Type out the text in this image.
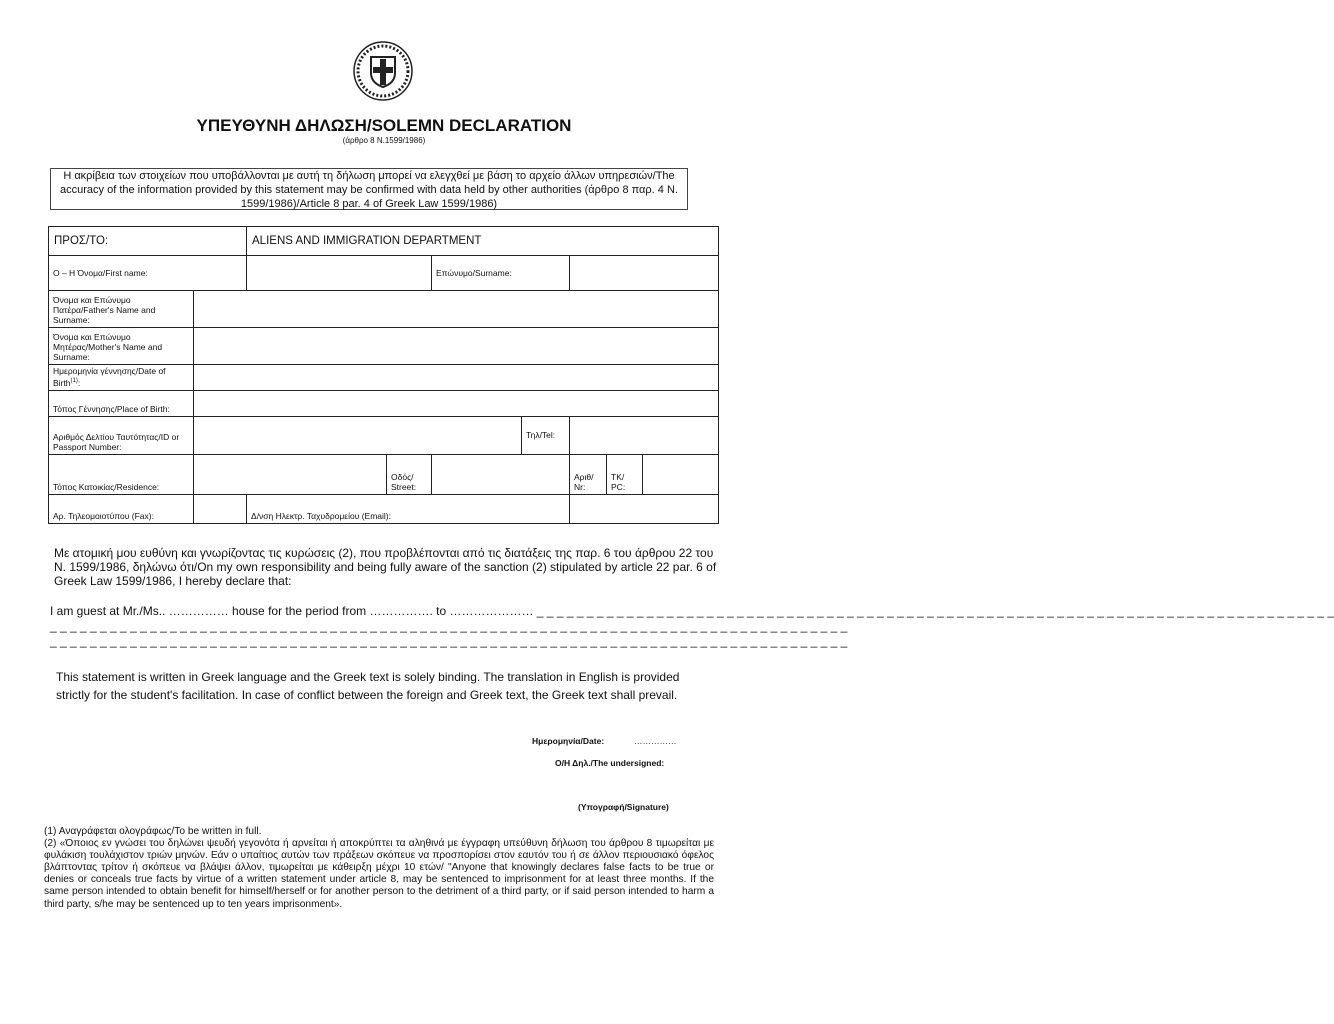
ΥΠΕΥΘΥΝΗ ΔΗΛΩΣΗ/SOLEMN DECLARATION
(άρθρο 8 Ν.1599/1986)
Η ακρίβεια των στοιχείων που υποβάλλονται με αυτή τη δήλωση μπορεί να ελεγχθεί με βάση το αρχείο άλλων υπηρεσιών/The accuracy of the information provided by this statement may be confirmed with data held by other authorities (άρθρο 8 παρ. 4 Ν. 1599/1986)/Article 8 par. 4 of Greek Law 1599/1986)
ΠΡΟΣ/TO:		ALIENS AND IMMIGRATION DEPARTMENT						
Ο – Η Όνομα/First name:				Επώνυμο/Surname:				
Όνομα και Επώνυμο Πατέρα/Father's Name and Surname:								
Όνομα και Επώνυμο Μητέρας/Mother's Name and Surname:								
Ημερομηνία γέννησης/Date of Birth$^{(1)}$:								
Τόπος Γέννησης/Place of Birth:								
Αριθμός Δελτίου Ταυτότητας/ID or Passport Number:					Τηλ/Tel:			
Τόπος Κατοικίας/Residence:			Οδός/ Street:			Αριθ/ Nr:	TK/ PC:	
Αρ. Τηλεομοιοτύπου (Fax):		Δ/νση Ηλεκτρ. Ταχυδρομείου (Email):						
Με ατομική μου ευθύνη και γνωρίζοντας τις κυρώσεις (2), που προβλέπονται από τις διατάξεις της παρ. 6 του άρθρου 22 του Ν. 1599/1986, δηλώνω ότι/On my own responsibility and being fully aware of the sanction (2) stipulated by article 22 par. 6 of Greek Law 1599/1986, I hereby declare that:
I am guest at Mr./Ms.. …………… house for the period from ……………. to ………………… _ _ _ _ _ _ _ _ _ _ _ _ _ _ _ _ _ _ _ _ _ _ _ _ _ _ _ _ _ _ _ _ _ _ _ _ _ _ _ _ _ _ _ _ _ _ _ _ _ _ _ _ _ _ _ _ _ _ _ _ _ _ _ _ _ _ _ _ _ _ _ _ _ _ _ _ _ _ _ _
_ _ _ _ _ _ _ _ _ _ _ _ _ _ _ _ _ _ _ _ _ _ _ _ _ _ _ _ _ _ _ _ _ _ _ _ _ _ _ _ _ _ _ _ _ _ _ _ _ _ _ _ _ _ _ _ _ _ _ _ _ _ _ _ _ _ _ _ _ _ _ _ _ _ _ _ _ _ _ _
_ _ _ _ _ _ _ _ _ _ _ _ _ _ _ _ _ _ _ _ _ _ _ _ _ _ _ _ _ _ _ _ _ _ _ _ _ _ _ _ _ _ _ _ _ _ _ _ _ _ _ _ _ _ _ _ _ _ _ _ _ _ _ _ _ _ _ _ _ _ _ _ _ _ _ _ _ _ _ _
This statement is written in Greek language and the Greek text is solely binding. The translation in English is provided strictly for the student's facilitation. In case of conflict between the foreign and Greek text, the Greek text shall prevail.
Ημερομηνία/Date:	……………
Ο/Η Δηλ./The undersigned:
(Υπογραφή/Signature)
(1) Αναγράφεται ολογράφως/To be written in full.
(2) «Όποιος εν γνώσει του δηλώνει ψευδή γεγονότα ή αρνείται ή αποκρύπτει τα αληθινά με έγγραφη υπεύθυνη δήλωση του άρθρου 8 τιμωρείται με φυλάκιση τουλάχιστον τριών μηνών. Εάν ο υπαίτιος αυτών των πράξεων σκόπευε να προσπορίσει στον εαυτόν του ή σε άλλον περιουσιακό όφελος βλάπτοντας τρίτον ή σκόπευε να βλάψει άλλον, τιμωρείται με κάθειρξη μέχρι 10 ετών/ "Anyone that knowingly declares false facts to be true or denies or conceals true facts by virtue of a written statement under article 8, may be sentenced to imprisonment for at least three months. If the same person intended to obtain benefit for himself/herself or for another person to the detriment of a third party, or if said person intended to harm a third party, s/he may be sentenced up to ten years imprisonment».
